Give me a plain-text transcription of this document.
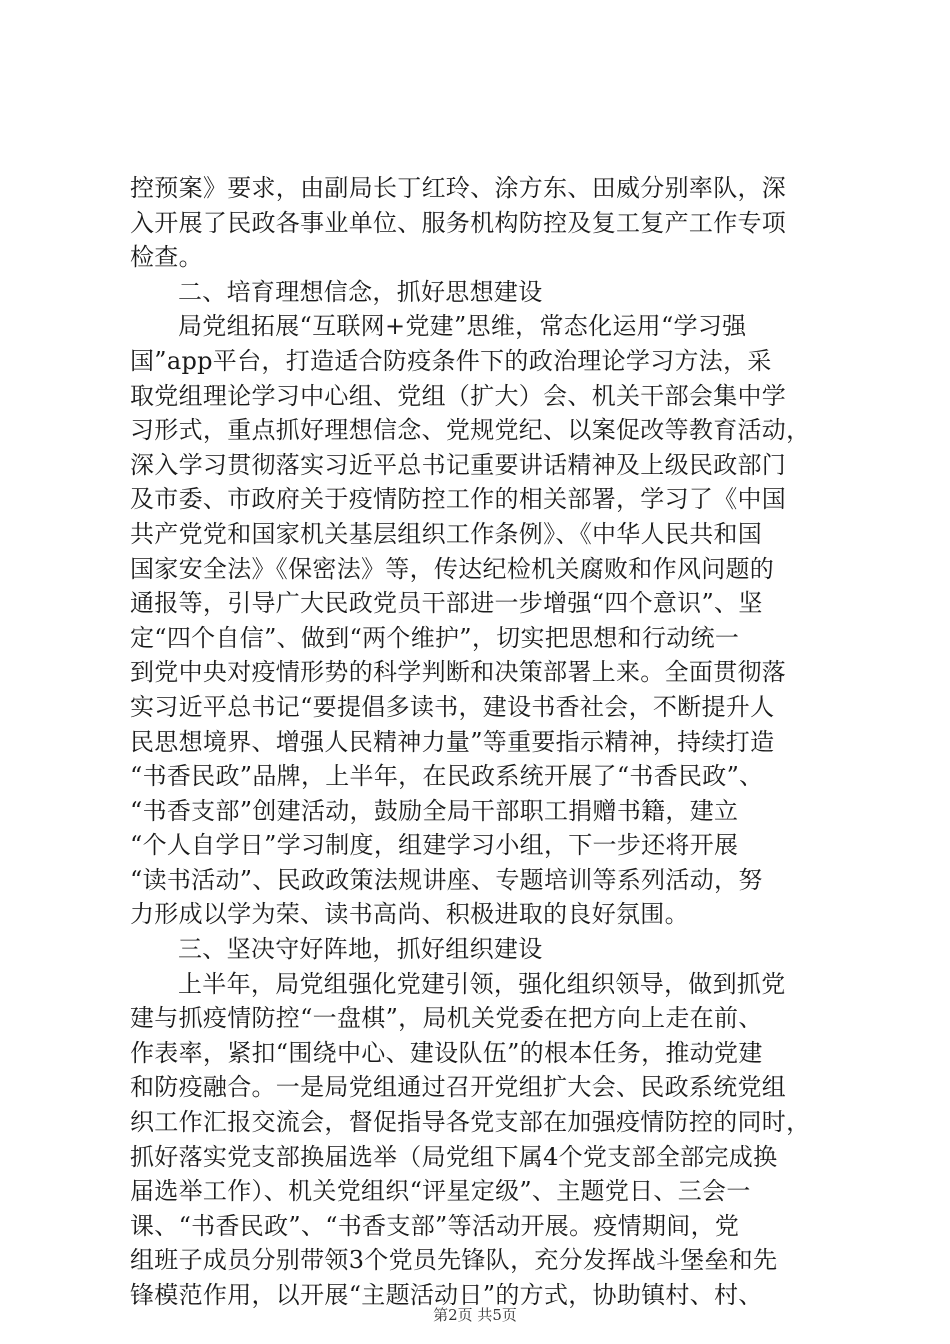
控预案》要求，由副局长丁红玲、涂方东、田威分别率队，深
入开展了民政各事业单位、服务机构防控及复工复产工作专项
检查。
二、培育理想信念，抓好思想建设
局党组拓展“互联网+党建”思维，常态化运用“学习强
国”app平台，打造适合防疫条件下的政治理论学习方法，采
取党组理论学习中心组、党组（扩大）会、机关干部会集中学
习形式，重点抓好理想信念、党规党纪、以案促改等教育活动，
深入学习贯彻落实习近平总书记重要讲话精神及上级民政部门
及市委、市政府关于疫情防控工作的相关部署，学习了《中国
共产党党和国家机关基层组织工作条例》、《中华人民共和国
国家安全法》《保密法》等，传达纪检机关腐败和作风问题的
通报等，引导广大民政党员干部进一步增强“四个意识”、坚
定“四个自信”、做到“两个维护”，切实把思想和行动统一
到党中央对疫情形势的科学判断和决策部署上来。全面贯彻落
实习近平总书记“要提倡多读书，建设书香社会，不断提升人
民思想境界、增强人民精神力量”等重要指示精神，持续打造
“书香民政”品牌，上半年，在民政系统开展了“书香民政”、
“书香支部”创建活动，鼓励全局干部职工捐赠书籍，建立
“个人自学日”学习制度，组建学习小组，下一步还将开展
“读书活动”、民政政策法规讲座、专题培训等系列活动，努
力形成以学为荣、读书高尚、积极进取的良好氛围。
三、坚决守好阵地，抓好组织建设
上半年，局党组强化党建引领，强化组织领导，做到抓党
建与抓疫情防控“一盘棋”，局机关党委在把方向上走在前、
作表率，紧扣“围绕中心、建设队伍”的根本任务，推动党建
和防疫融合。一是局党组通过召开党组扩大会、民政系统党组
织工作汇报交流会，督促指导各党支部在加强疫情防控的同时，
抓好落实党支部换届选举（局党组下属4个党支部全部完成换
届选举工作）、机关党组织“评星定级”、主题党日、三会一
课、“书香民政”、“书香支部”等活动开展。疫情期间，党
组班子成员分别带领3个党员先锋队，充分发挥战斗堡垒和先
锋模范作用，以开展“主题活动日”的方式，协助镇村、村、
第2页 共5页
